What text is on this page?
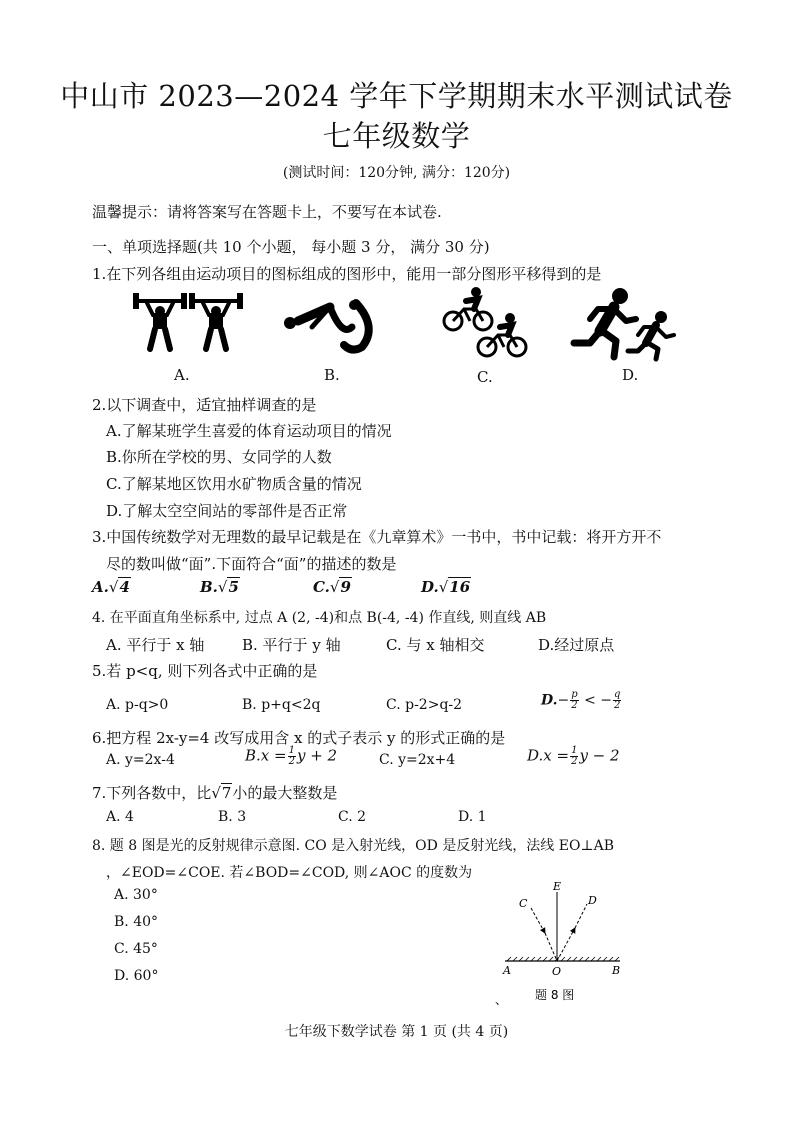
中山市 2023—2024 学年下学期期末水平测试试卷
七年级数学
(测试时间：120分钟, 满分：120分)
温馨提示：请将答案写在答题卡上，不要写在本试卷.
一、单项选择题(共 10 个小题， 每小题 3 分， 满分 30 分)
1.在下列各组由运动项目的图标组成的图形中，能用一部分图形平移得到的是
A.	B.	C.	D.
2.以下调查中，适宜抽样调查的是
A.了解某班学生喜爱的体育运动项目的情况
B.你所在学校的男、女同学的人数
C.了解某地区饮用水矿物质含量的情况
D.了解太空空间站的零部件是否正常
3.中国传统数学对无理数的最早记载是在《九章算术》一书中，书中记载：将开方开不
尽的数叫做“面”.下面符合“面”的描述的数是
A.√4	B.√5	C.√9	D.√16
4. 在平面直角坐标系中, 过点 A (2, -4)和点 B(-4, -4) 作直线, 则直线 AB
A. 平行于 x 轴	B. 平行于 y 轴	C. 与 x 轴相交	D.经过原点
5.若 p<q, 则下列各式中正确的是
A. p-q>0	B. p+q<2q	C. p-2>q-2	$D.- \frac{p}{2}$ < − $\frac{q}{2}$
6.把方程 2x-y=4 改写成用含 x 的式子表示 y 的形式正确的是
A. y=2x-4	$B.x = \frac{1}{2}$ y + 2	C. y=2x+4	$D.x = \frac{1}{2}$ y − 2
7.下列各数中，比√7小的最大整数是
A. 4	B. 3	C. 2	D. 1
8. 题 8 图是光的反射规律示意图. CO 是入射光线，OD 是反射光线，法线 EO⊥AB
，∠EOD=∠COE. 若∠BOD=∠COD, 则∠AOC 的度数为
A. 30°
B. 40°
C. 45°
D. 60°
E
C	D
A	O	B
题 8 图
、
七年级下数学试卷 第 1 页 (共 4 页)
